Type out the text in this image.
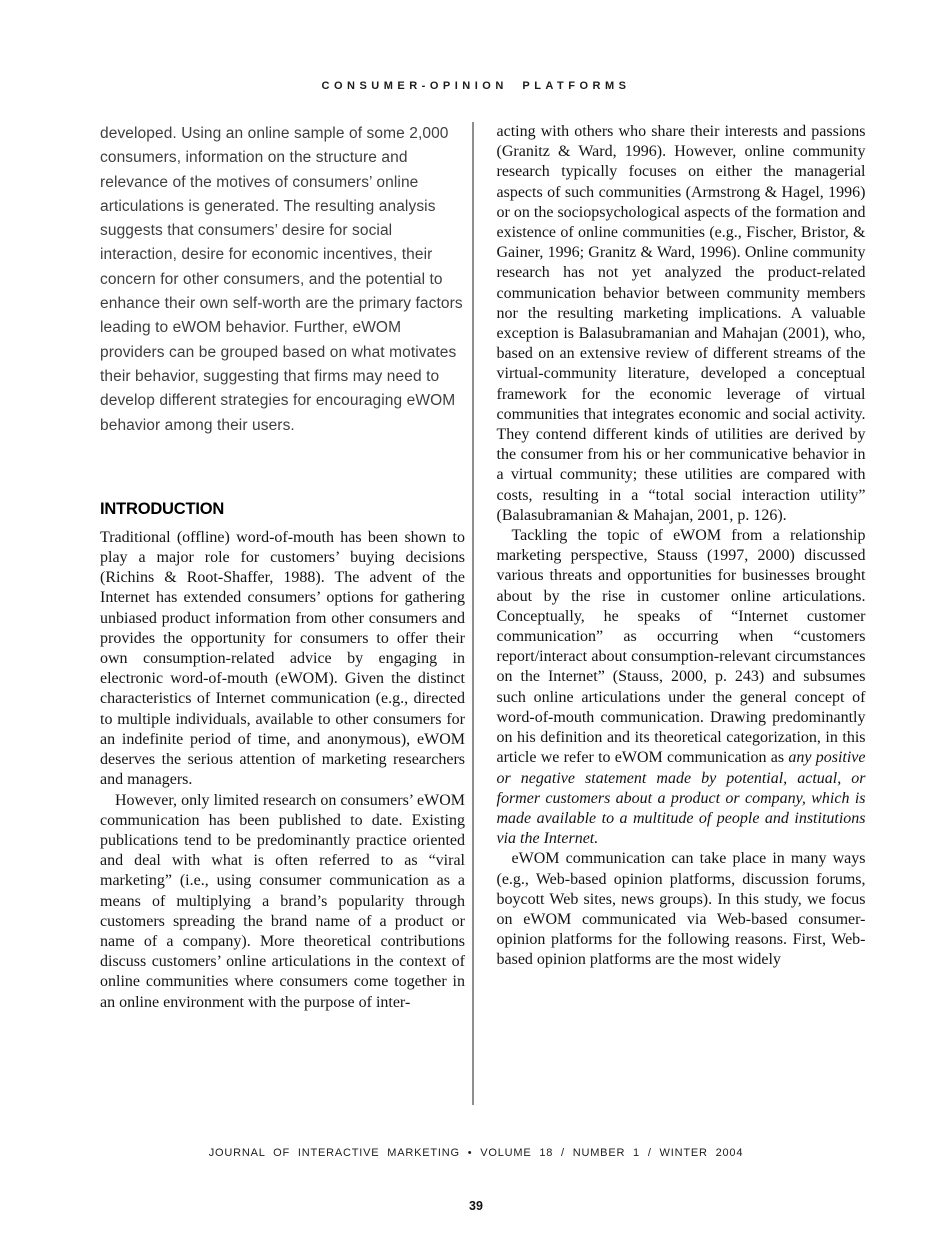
CONSUMER-OPINION PLATFORMS

developed. Using an online sample of some 2,000 consumers, information on the structure and relevance of the motives of consumers’ online articulations is generated. The resulting analysis suggests that consumers’ desire for social interaction, desire for economic incentives, their concern for other consumers, and the potential to enhance their own self-worth are the primary factors leading to eWOM behavior. Further, eWOM providers can be grouped based on what motivates their behavior, suggesting that firms may need to develop different strategies for encouraging eWOM behavior among their users.

INTRODUCTION

Traditional (offline) word-of-mouth has been shown to play a major role for customers’ buying decisions (Richins & Root-Shaffer, 1988). The advent of the Internet has extended consumers’ options for gathering unbiased product information from other consumers and provides the opportunity for consumers to offer their own consumption-related advice by engaging in electronic word-of-mouth (eWOM). Given the distinct characteristics of Internet communication (e.g., directed to multiple individuals, available to other consumers for an indefinite period of time, and anonymous), eWOM deserves the serious attention of marketing researchers and managers.

However, only limited research on consumers’ eWOM communication has been published to date. Existing publications tend to be predominantly practice oriented and deal with what is often referred to as “viral marketing” (i.e., using consumer communication as a means of multiplying a brand’s popularity through customers spreading the brand name of a product or name of a company). More theoretical contributions discuss customers’ online articulations in the context of online communities where consumers come together in an online environment with the purpose of inter-

acting with others who share their interests and passions (Granitz & Ward, 1996). However, online community research typically focuses on either the managerial aspects of such communities (Armstrong & Hagel, 1996) or on the sociopsychological aspects of the formation and existence of online communities (e.g., Fischer, Bristor, & Gainer, 1996; Granitz & Ward, 1996). Online community research has not yet analyzed the product-related communication behavior between community members nor the resulting marketing implications. A valuable exception is Balasubramanian and Mahajan (2001), who, based on an extensive review of different streams of the virtual-community literature, developed a conceptual framework for the economic leverage of virtual communities that integrates economic and social activity. They contend different kinds of utilities are derived by the consumer from his or her communicative behavior in a virtual community; these utilities are compared with costs, resulting in a “total social interaction utility” (Balasubramanian & Mahajan, 2001, p. 126).

Tackling the topic of eWOM from a relationship marketing perspective, Stauss (1997, 2000) discussed various threats and opportunities for businesses brought about by the rise in customer online articulations. Conceptually, he speaks of “Internet customer communication” as occurring when “customers report/interact about consumption-relevant circumstances on the Internet” (Stauss, 2000, p. 243) and subsumes such online articulations under the general concept of word-of-mouth communication. Drawing predominantly on his definition and its theoretical categorization, in this article we refer to eWOM communication as any positive or negative statement made by potential, actual, or former customers about a product or company, which is made available to a multitude of people and institutions via the Internet.

eWOM communication can take place in many ways (e.g., Web-based opinion platforms, discussion forums, boycott Web sites, news groups). In this study, we focus on eWOM communicated via Web-based consumer-opinion platforms for the following reasons. First, Web-based opinion platforms are the most widely

JOURNAL OF INTERACTIVE MARKETING • VOLUME 18 / NUMBER 1 / WINTER 2004
39
